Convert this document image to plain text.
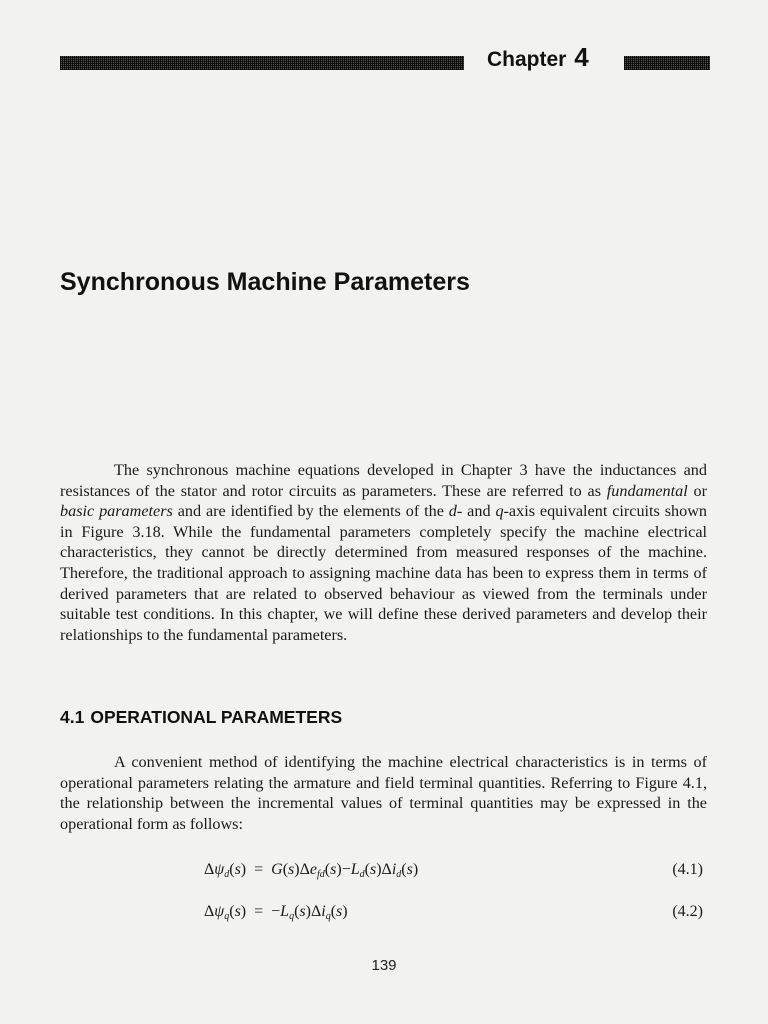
Chapter 4
Synchronous Machine Parameters
The synchronous machine equations developed in Chapter 3 have the inductances and resistances of the stator and rotor circuits as parameters. These are referred to as fundamental or basic parameters and are identified by the elements of the d- and q-axis equivalent circuits shown in Figure 3.18. While the fundamental parameters completely specify the machine electrical characteristics, they cannot be directly determined from measured responses of the machine. Therefore, the traditional approach to assigning machine data has been to express them in terms of derived parameters that are related to observed behaviour as viewed from the terminals under suitable test conditions. In this chapter, we will define these derived parameters and develop their relationships to the fundamental parameters.
4.1 OPERATIONAL PARAMETERS
A convenient method of identifying the machine electrical characteristics is in terms of operational parameters relating the armature and field terminal quantities. Referring to Figure 4.1, the relationship between the incremental values of terminal quantities may be expressed in the operational form as follows:
$\Delta\psi_d(s) = G(s)\Delta e_{fd}(s)-L_d(s)\Delta i_d(s)$	(4.1)
$\Delta\psi_q(s) = -L_q(s)\Delta i_q(s)$	(4.2)
139
